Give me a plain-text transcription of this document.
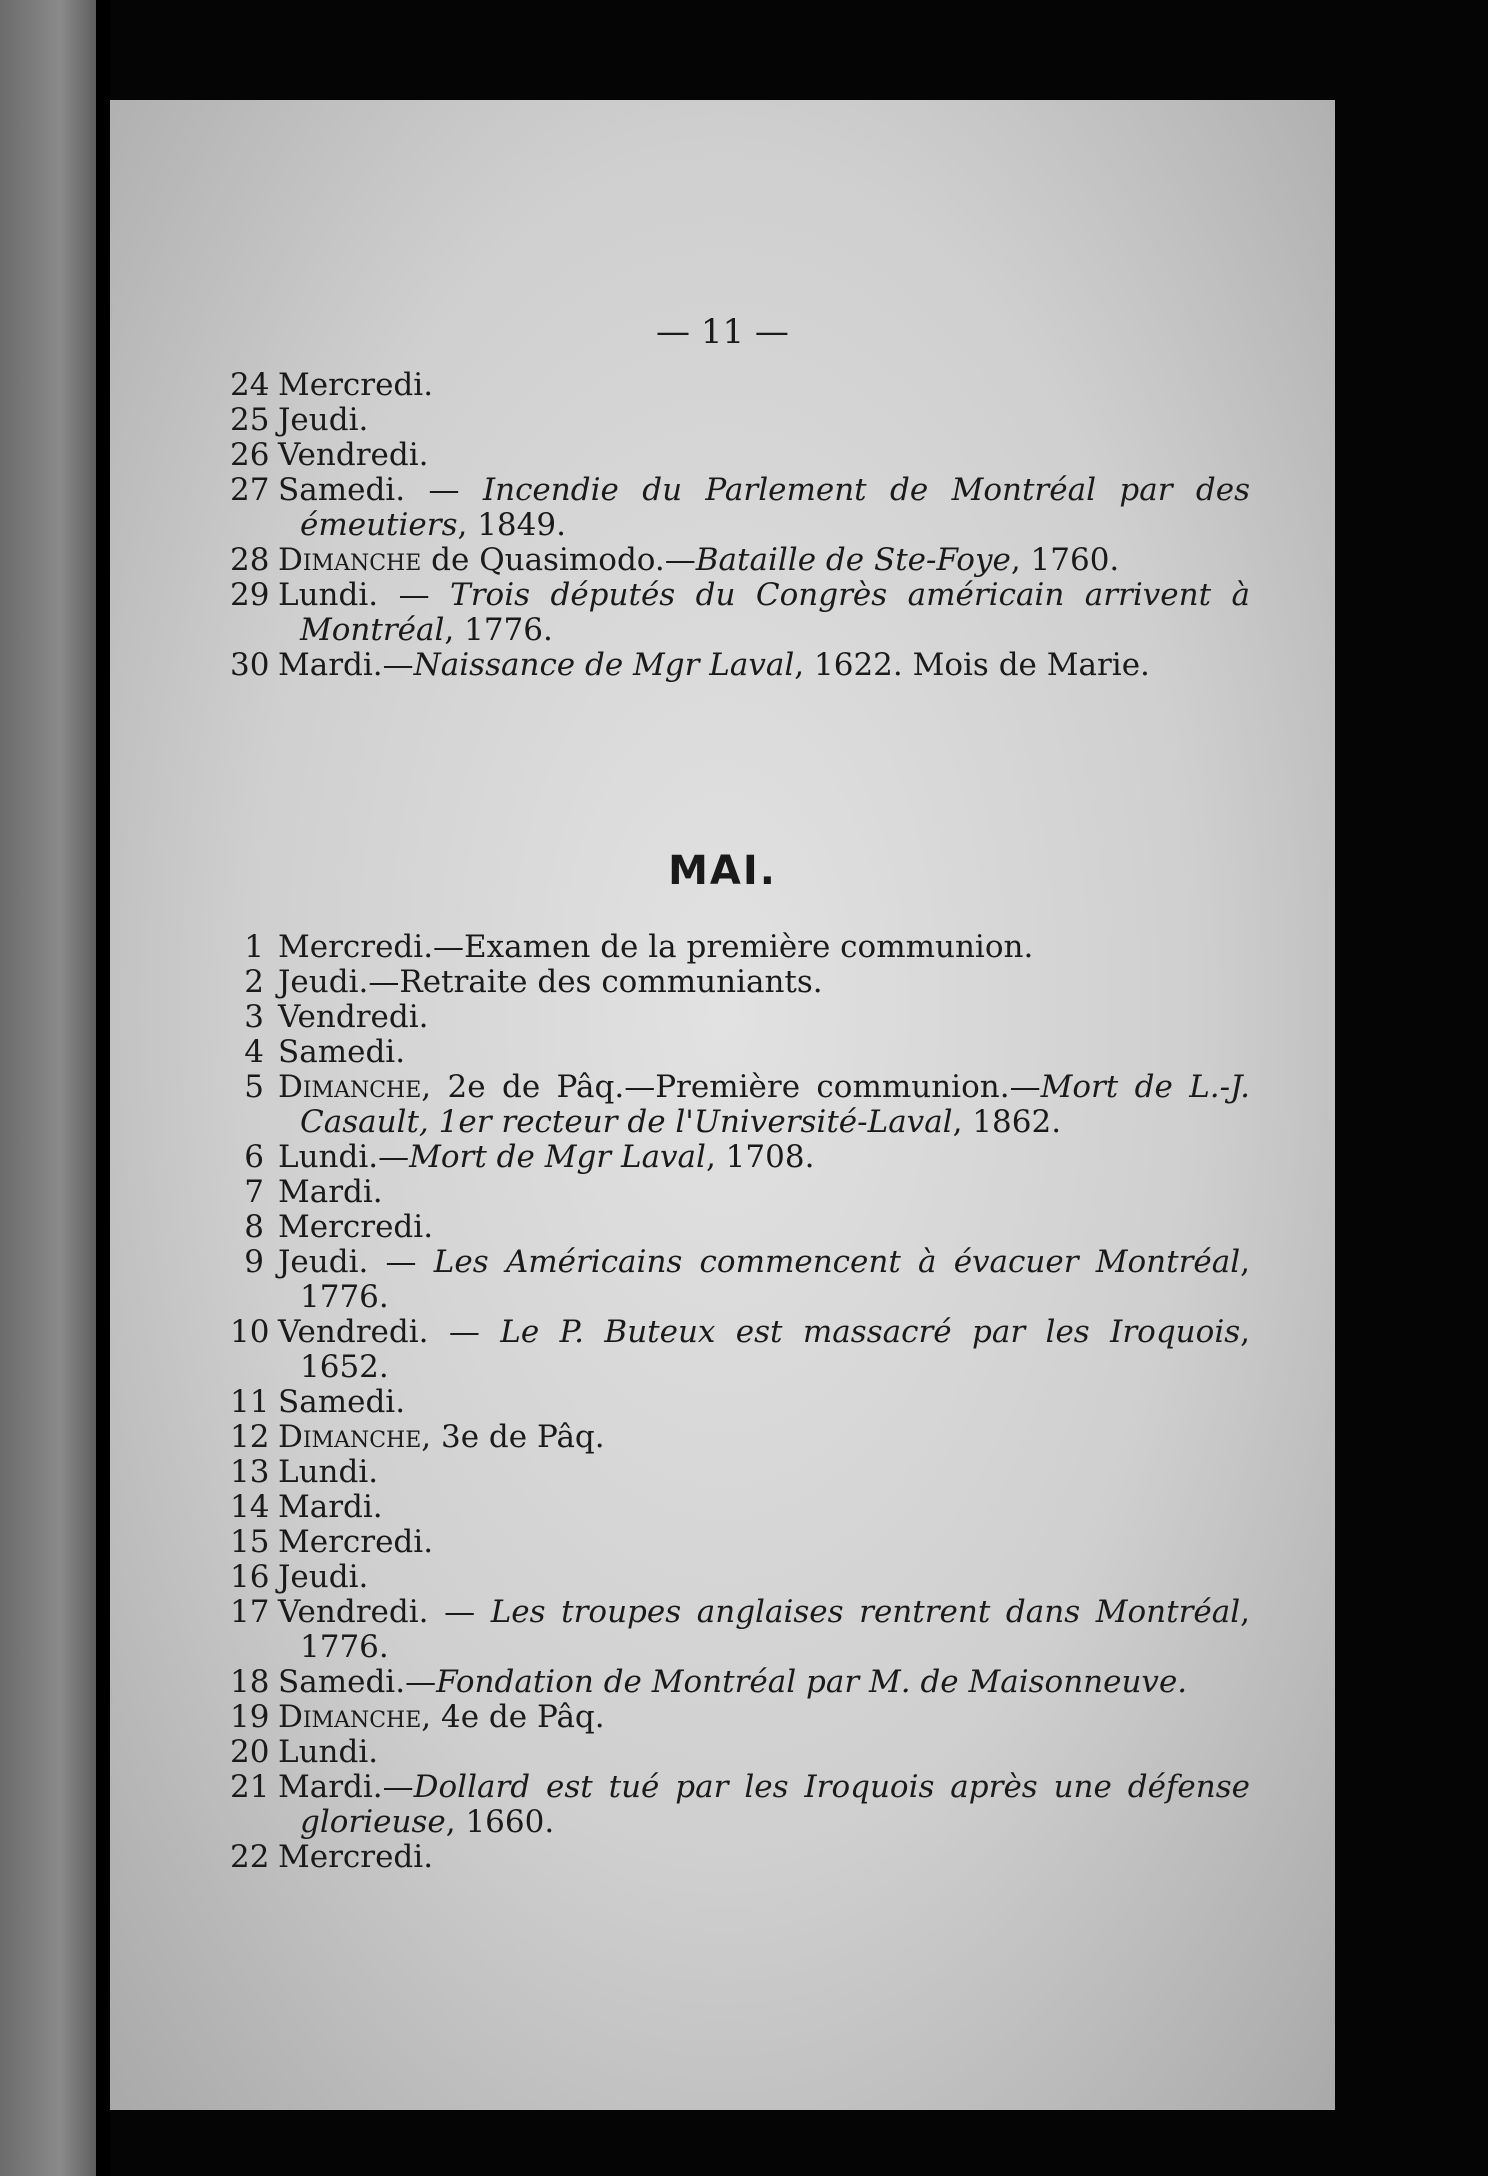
— 11 —
24 Mercredi.
25 Jeudi.
26 Vendredi.
27 Samedi. — Incendie du Parlement de Montréal par des émeutiers, 1849.
28 Dimanche de Quasimodo.—Bataille de Ste-Foye, 1760.
29 Lundi. — Trois députés du Congrès américain arrivent à Montréal, 1776.
30 Mardi.—Naissance de Mgr Laval, 1622. Mois de Marie.
MAI.
1 Mercredi.—Examen de la première communion.
2 Jeudi.—Retraite des communiants.
3 Vendredi.
4 Samedi.
5 Dimanche, 2e de Pâq.—Première communion.—Mort de L.-J. Casault, 1er recteur de l'Université-Laval, 1862.
6 Lundi.—Mort de Mgr Laval, 1708.
7 Mardi.
8 Mercredi.
9 Jeudi. — Les Américains commencent à évacuer Montréal, 1776.
10 Vendredi. — Le P. Buteux est massacré par les Iroquois, 1652.
11 Samedi.
12 Dimanche, 3e de Pâq.
13 Lundi.
14 Mardi.
15 Mercredi.
16 Jeudi.
17 Vendredi. — Les troupes anglaises rentrent dans Montréal, 1776.
18 Samedi.—Fondation de Montréal par M. de Maisonneuve.
19 Dimanche, 4e de Pâq.
20 Lundi.
21 Mardi.—Dollard est tué par les Iroquois après une défense glorieuse, 1660.
22 Mercredi.
